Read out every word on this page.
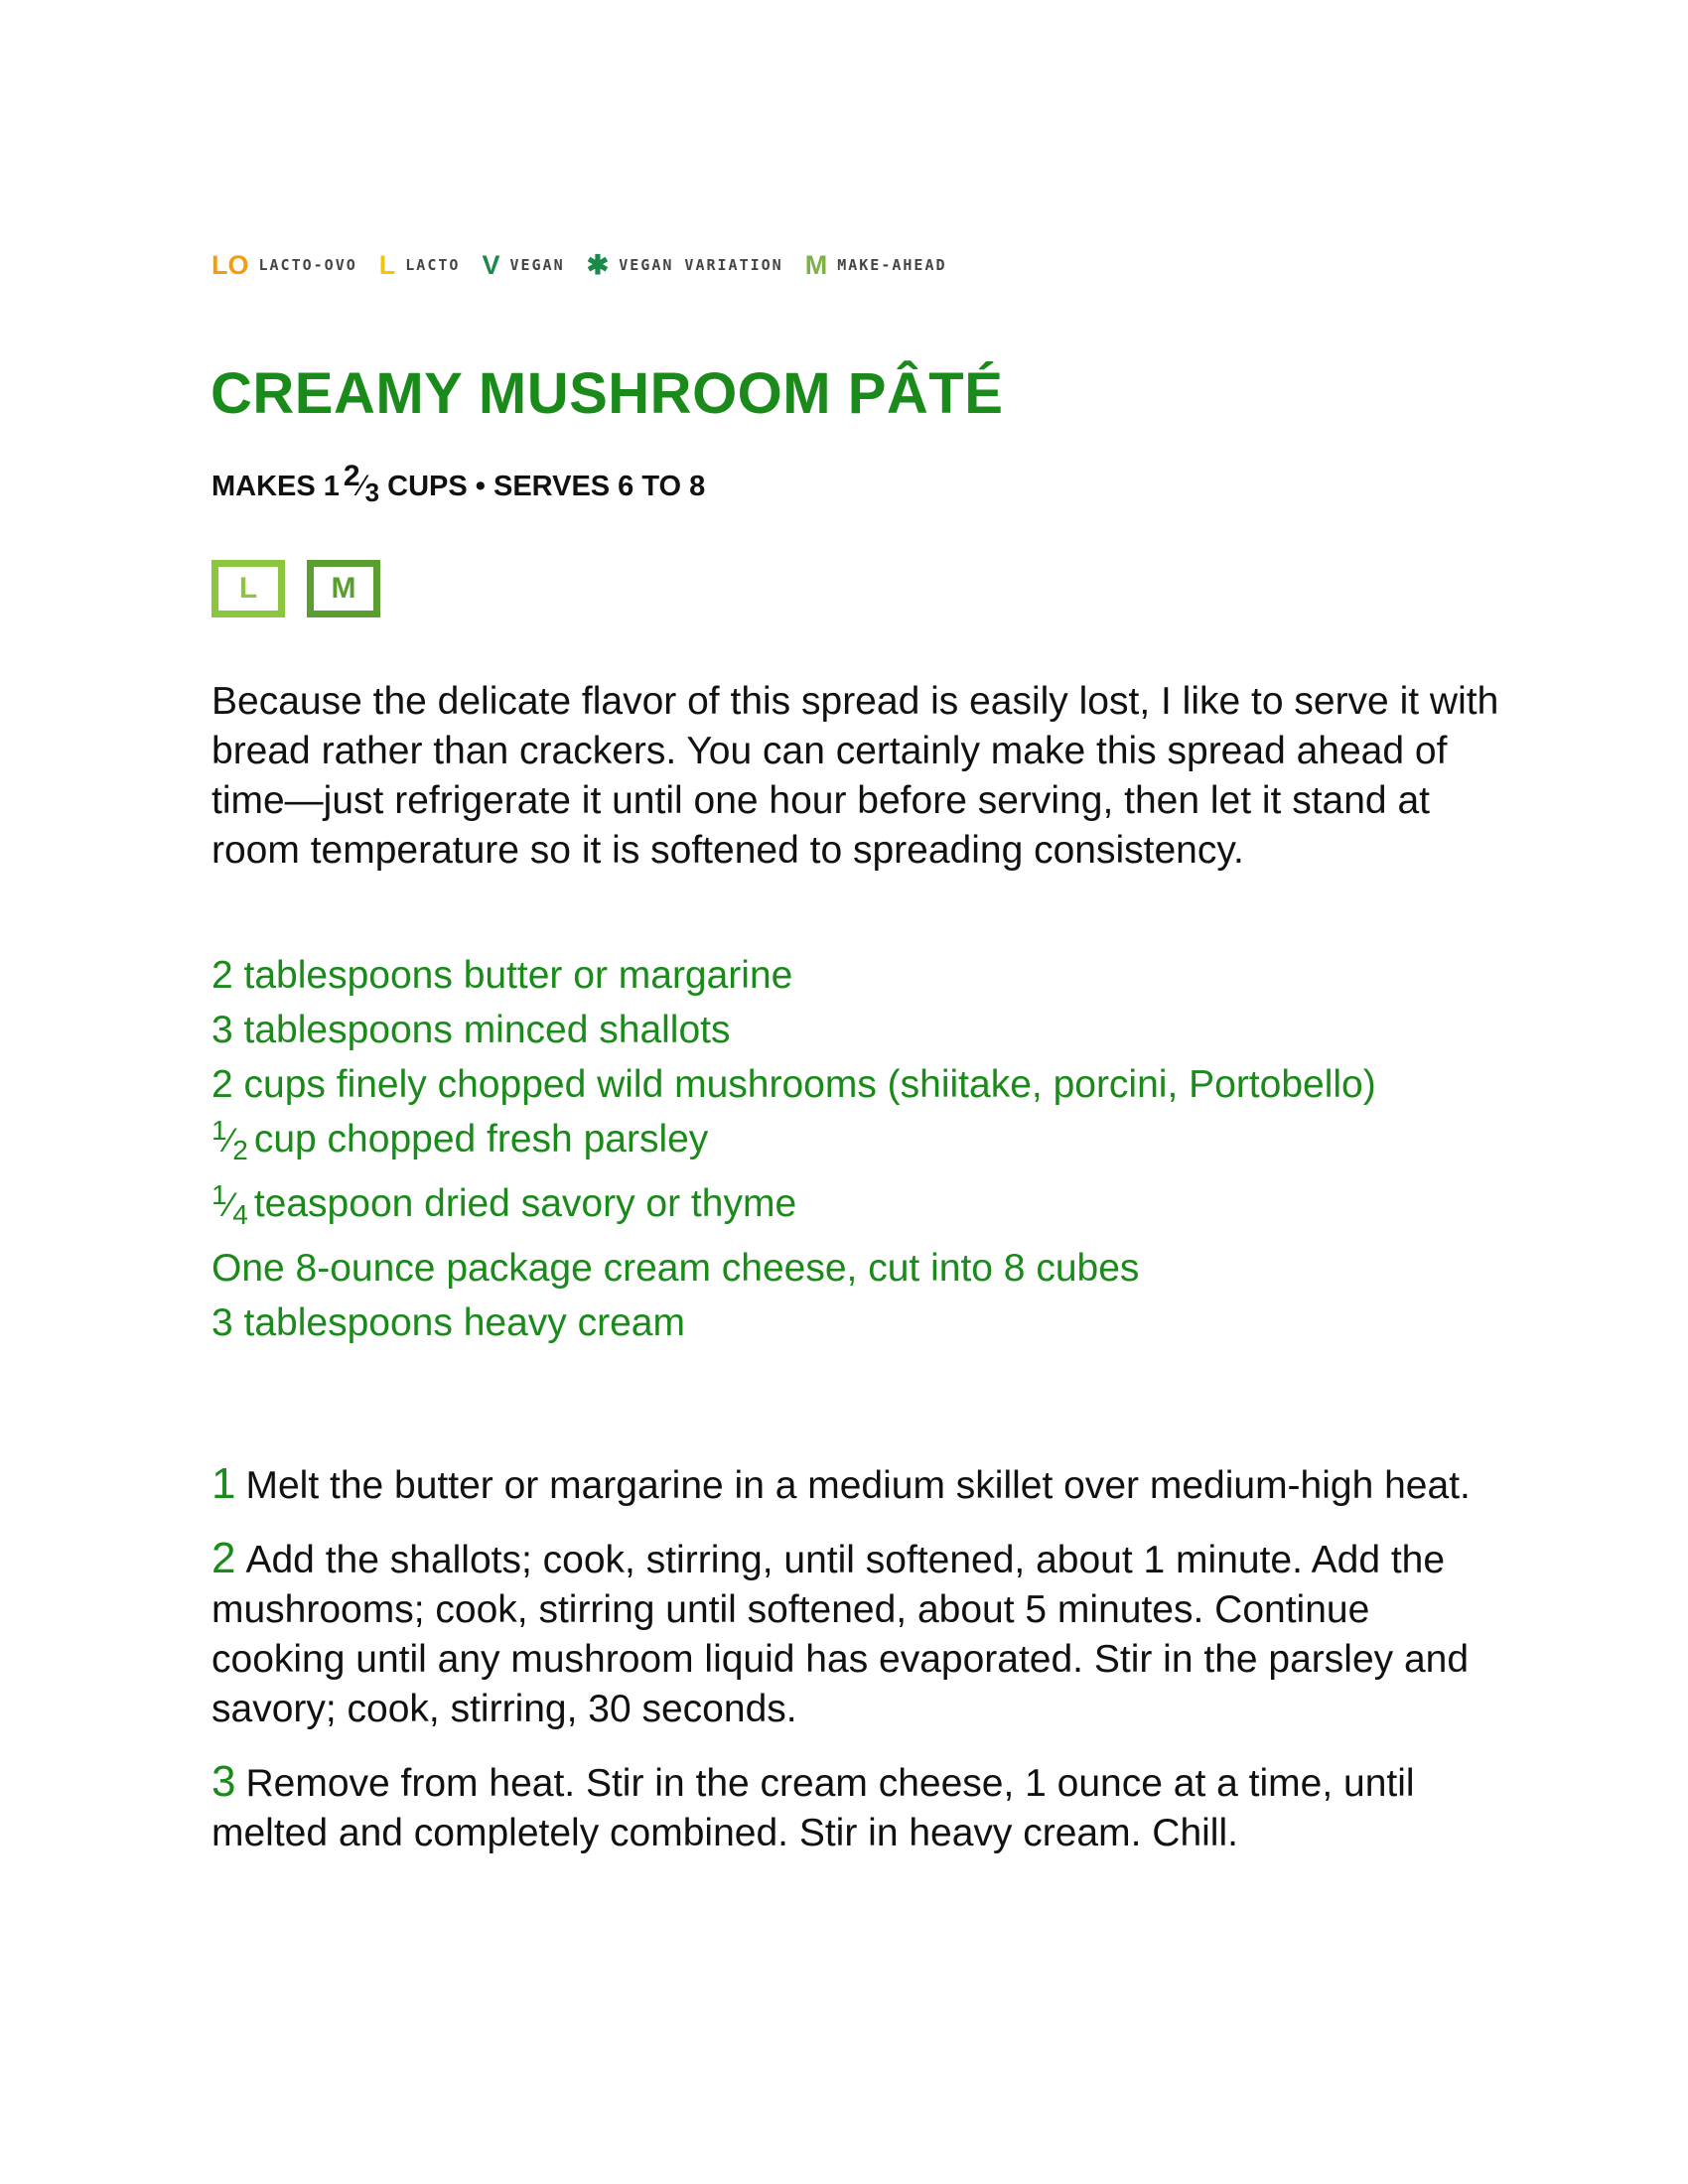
LO LACTO-OVO L LACTO V VEGAN ✱ VEGAN VARIATION M MAKE-AHEAD
CREAMY MUSHROOM PÂTÉ
MAKES 1 2⁄3 CUPS • SERVES 6 TO 8
L	M

Because the delicate flavor of this spread is easily lost, I like to serve it with bread rather than crackers. You can certainly make this spread ahead of time—just refrigerate it until one hour before serving, then let it stand at room temperature so it is softened to spreading consistency.

2 tablespoons butter or margarine
3 tablespoons minced shallots
2 cups finely chopped wild mushrooms (shiitake, porcini, Portobello)
$^1⁄_2$ cup chopped fresh parsley
$^1⁄_4$ teaspoon dried savory or thyme
One 8-ounce package cream cheese, cut into 8 cubes
3 tablespoons heavy cream
1 Melt the butter or margarine in a medium skillet over medium-high heat.
2 Add the shallots; cook, stirring, until softened, about 1 minute. Add the mushrooms; cook, stirring until softened, about 5 minutes. Continue cooking until any mushroom liquid has evaporated. Stir in the parsley and savory; cook, stirring, 30 seconds.
3 Remove from heat. Stir in the cream cheese, 1 ounce at a time, until melted and completely combined. Stir in heavy cream. Chill.
